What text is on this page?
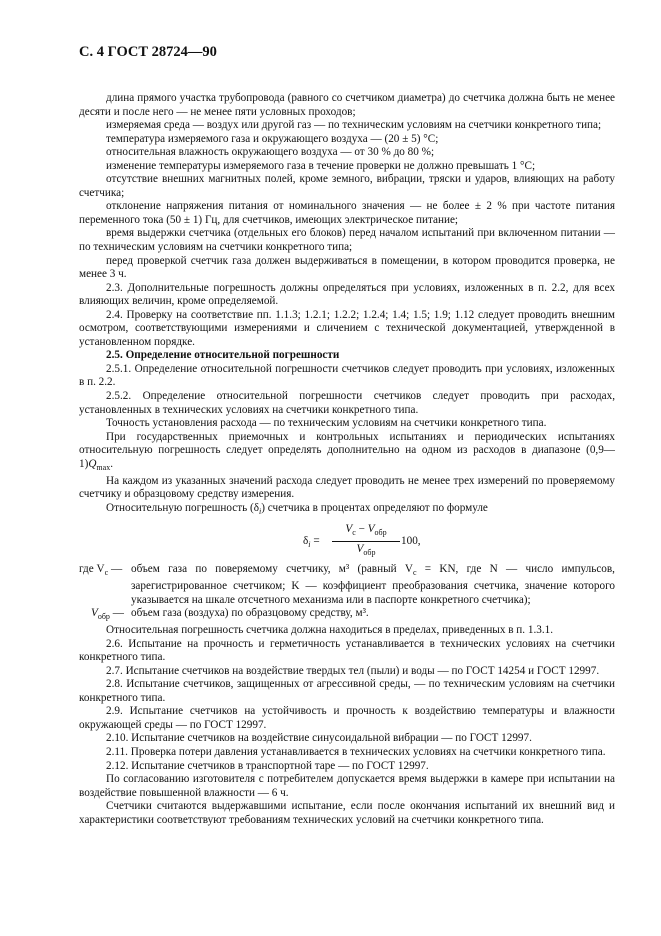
С. 4 ГОСТ 28724—90

длина прямого участка трубопровода (равного со счетчиком диаметра) до счетчика должна быть не менее десяти и после него — не менее пяти условных проходов;

измеряемая среда — воздух или другой газ — по техническим условиям на счетчики конкретного типа;

температура измеряемого газа и окружающего воздуха — (20 ± 5) °С;

относительная влажность окружающего воздуха — от 30 % до 80 %;

изменение температуры измеряемого газа в течение проверки не должно превышать 1 °С;

отсутствие внешних магнитных полей, кроме земного, вибрации, тряски и ударов, влияющих на работу счетчика;

отклонение напряжения питания от номинального значения — не более ± 2 % при частоте питания переменного тока (50 ± 1) Гц, для счетчиков, имеющих электрическое питание;

время выдержки счетчика (отдельных его блоков) перед началом испытаний при включенном питании — по техническим условиям на счетчики конкретного типа;

перед проверкой счетчик газа должен выдерживаться в помещении, в котором проводится проверка, не менее 3 ч.

2.3. Дополнительные погрешность должны определяться при условиях, изложенных в п. 2.2, для всех влияющих величин, кроме определяемой.

2.4. Проверку на соответствие пп. 1.1.3; 1.2.1; 1.2.2; 1.2.4; 1.4; 1.5; 1.9; 1.12 следует проводить внешним осмотром, соответствующими измерениями и сличением с технической документацией, утвержденной в установленном порядке.

2.5. Определение относительной погрешности

2.5.1. Определение относительной погрешности счетчиков следует проводить при условиях, изложенных в п. 2.2.

2.5.2. Определение относительной погрешности счетчиков следует проводить при расходах, установленных в технических условиях на счетчики конкретного типа.

Точность установления расхода — по техническим условиям на счетчики конкретного типа.

При государственных приемочных и контрольных испытаниях и периодических испытаниях относительную погрешность следует определять дополнительно на одном из расходов в диапазоне $(0,9—1)Q_{max}$.

На каждом из указанных значений расхода следует проводить не менее трех измерений по проверяемому счетчику и образцовому средству измерения.

Относительную погрешность $(\delta_i)$ счетчика в процентах определяют по формуле

$\delta_i$ =
$V_c - V_{обр}$
$V_{обр}$
100,
где $V_c$ — объем газа по поверяемому счетчику, м³ (равный $V_c$ = KN, где N — число импульсов, зарегистрированное счетчиком; K — коэффициент преобразования счетчика, значение которого указывается на шкале отсчетного механизма или в паспорте конкретного счетчика);
$V_{обр}$ — объем газа (воздуха) по образцовому средству, м³.

Относительная погрешность счетчика должна находиться в пределах, приведенных в п. 1.3.1.

2.6. Испытание на прочность и герметичность устанавливается в технических условиях на счетчики конкретного типа.

2.7. Испытание счетчиков на воздействие твердых тел (пыли) и воды — по ГОСТ 14254 и ГОСТ 12997.

2.8. Испытание счетчиков, защищенных от агрессивной среды, — по техническим условиям на счетчики конкретного типа.

2.9. Испытание счетчиков на устойчивость и прочность к воздействию температуры и влажности окружающей среды — по ГОСТ 12997.

2.10. Испытание счетчиков на воздействие синусоидальной вибрации — по ГОСТ 12997.

2.11. Проверка потери давления устанавливается в технических условиях на счетчики конкретного типа.

2.12. Испытание счетчиков в транспортной таре — по ГОСТ 12997.

По согласованию изготовителя с потребителем допускается время выдержки в камере при испытании на воздействие повышенной влажности — 6 ч.

Счетчики считаются выдержавшими испытание, если после окончания испытаний их внешний вид и характеристики соответствуют требованиям технических условий на счетчики конкретного типа.
